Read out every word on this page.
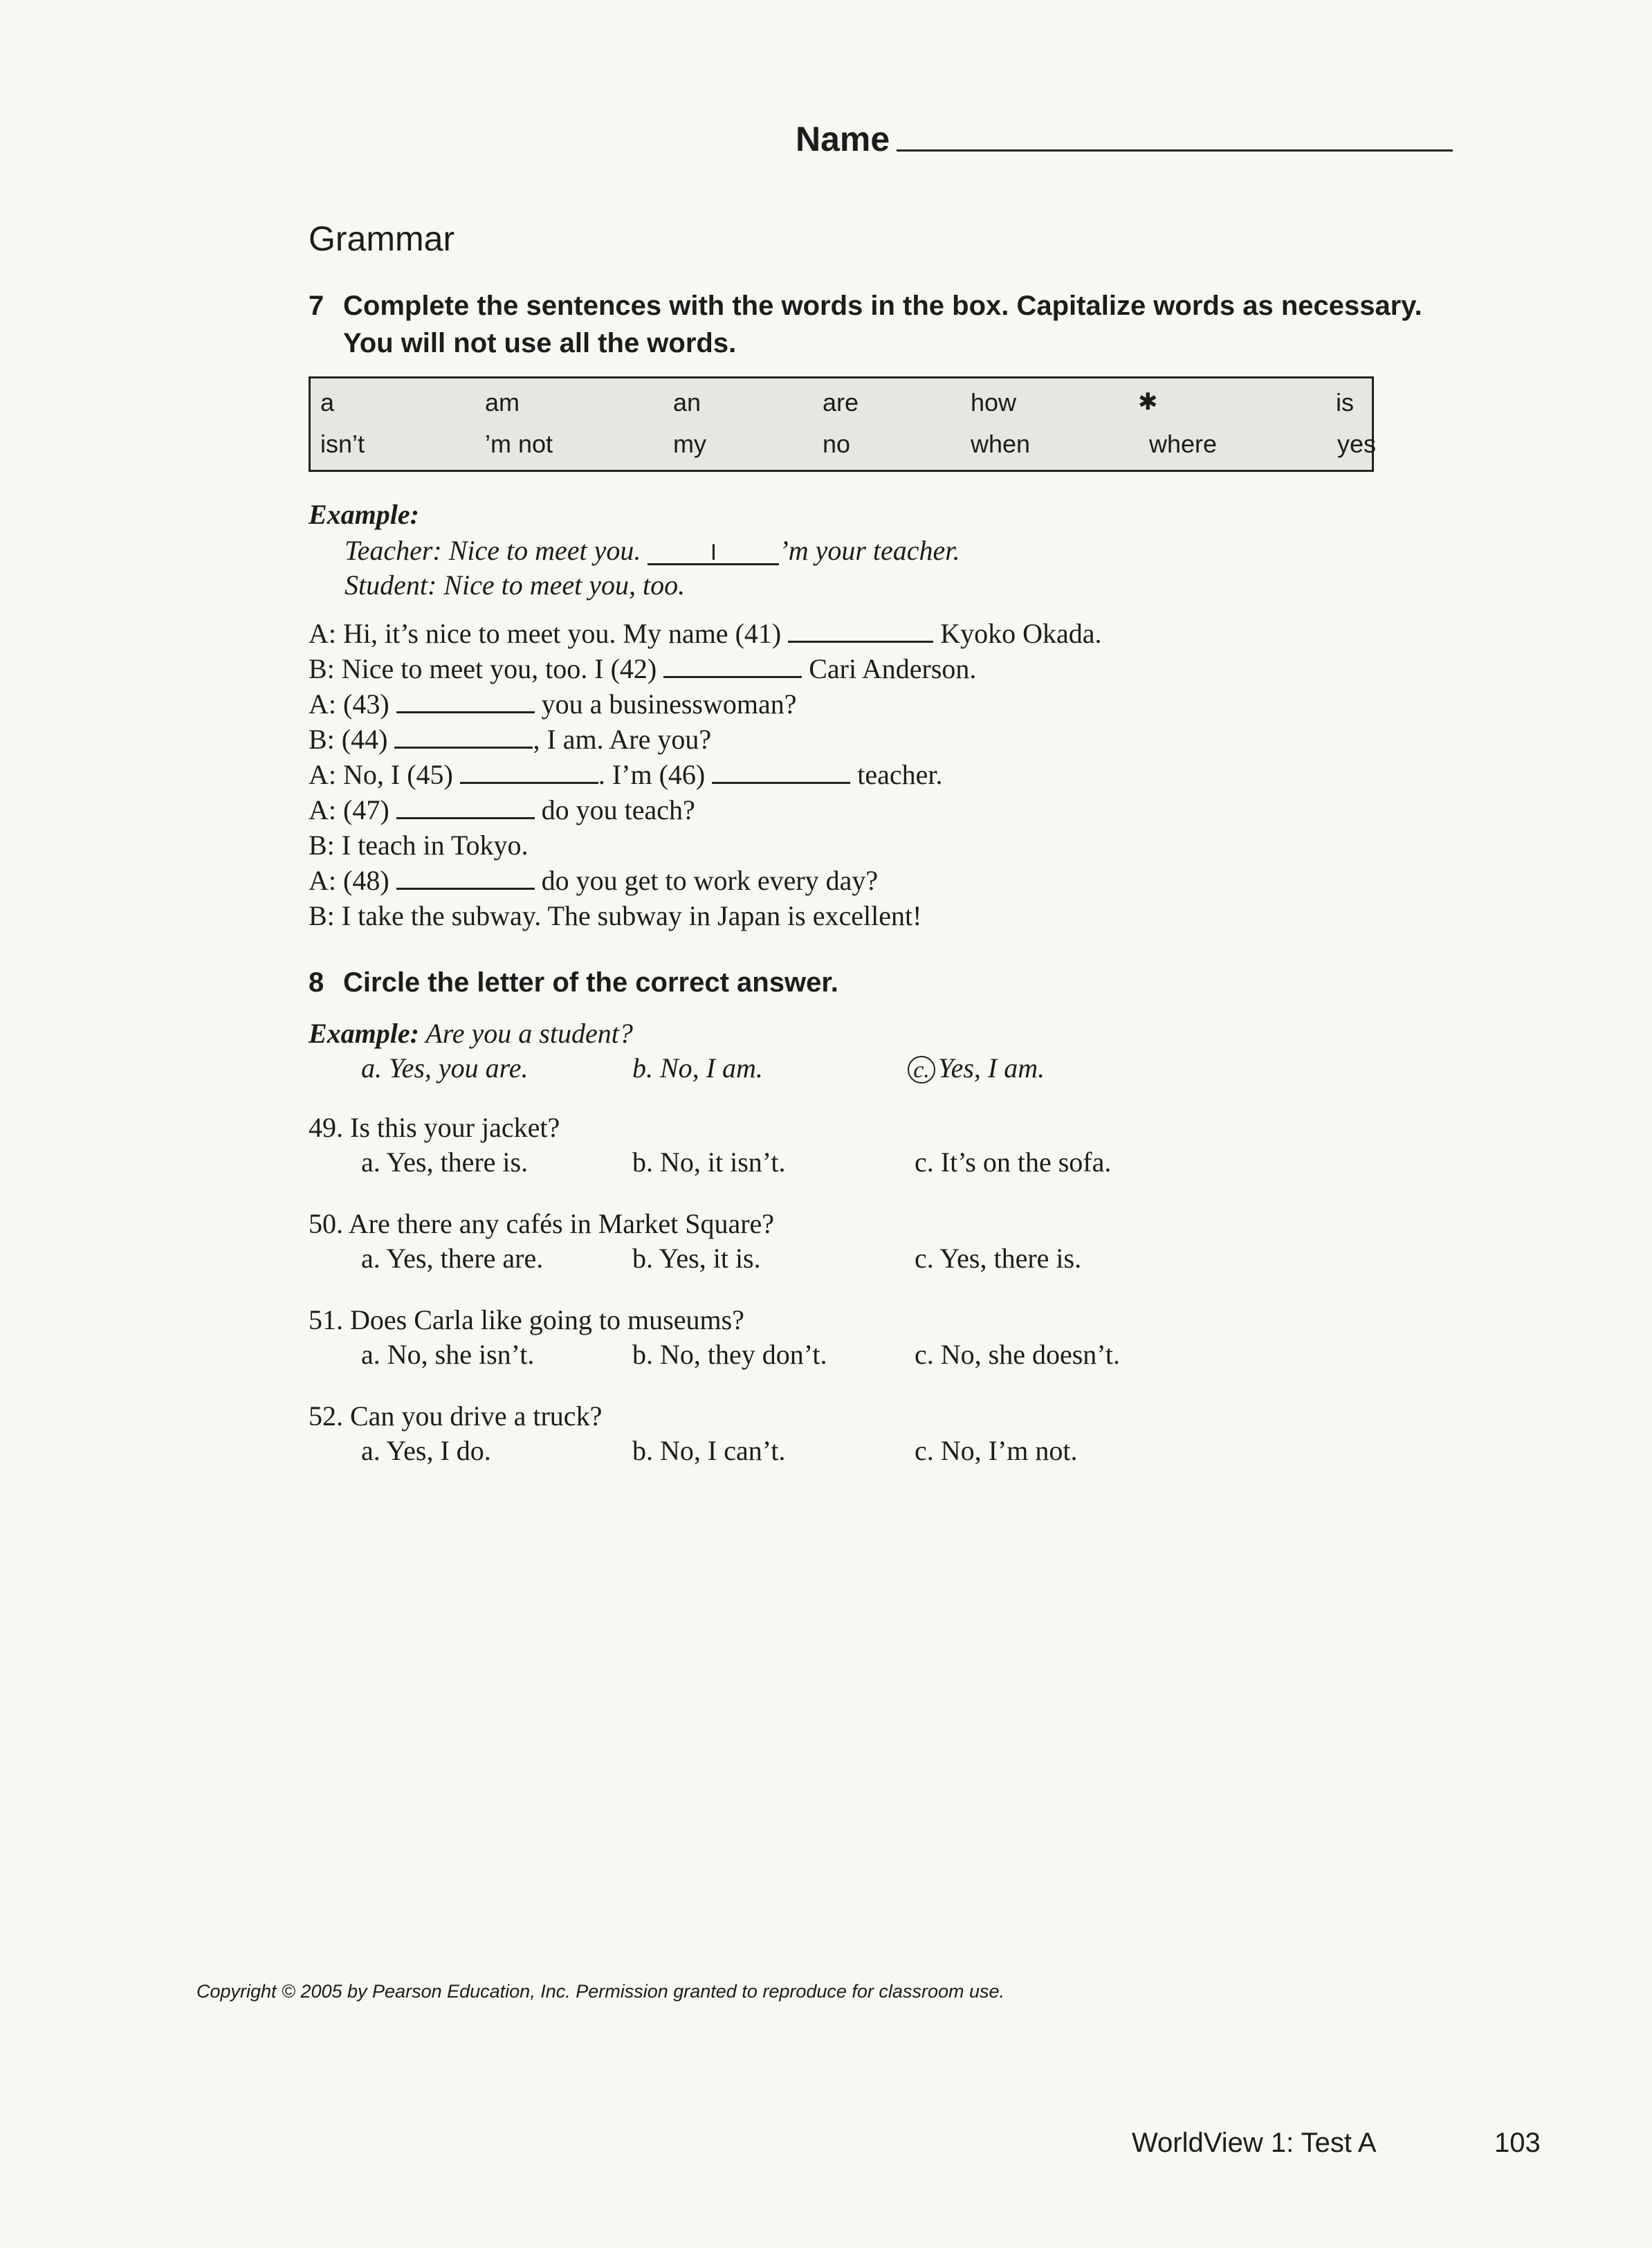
Name
Grammar
7 Complete the sentences with the words in the box. Capitalize words as necessary.
You will not use all the words.
a	am	an	are	how	✱	is
isn’t	’m not	my	no	when	where	yes
Example:
Teacher: Nice to meet you.	I ’m your teacher.
Student: Nice to meet you, too.
A: Hi, it’s nice to meet you. My name (41)	Kyoko Okada.
B: Nice to meet you, too. I (42)	Cari Anderson.
A: (43)	you a businesswoman?
B: (44)	, I am. Are you?
A: No, I (45)	. I’m (46)	teacher.
A: (47)	do you teach?
B: I teach in Tokyo.
A: (48)	do you get to work every day?
B: I take the subway. The subway in Japan is excellent!
8 Circle the letter of the correct answer.
Example: Are you a student?
a. Yes, you are.	b. No, I am.	c. Yes, I am.
49. Is this your jacket?
a. Yes, there is.	b. No, it isn’t.	c. It’s on the sofa.
50. Are there any cafés in Market Square?
a. Yes, there are.	b. Yes, it is.	c. Yes, there is.
51. Does Carla like going to museums?
a. No, she isn’t.	b. No, they don’t.	c. No, she doesn’t.
52. Can you drive a truck?
a. Yes, I do.	b. No, I can’t.	c. No, I’m not.
Copyright © 2005 by Pearson Education, Inc. Permission granted to reproduce for classroom use.
WorldView 1: Test A	103
